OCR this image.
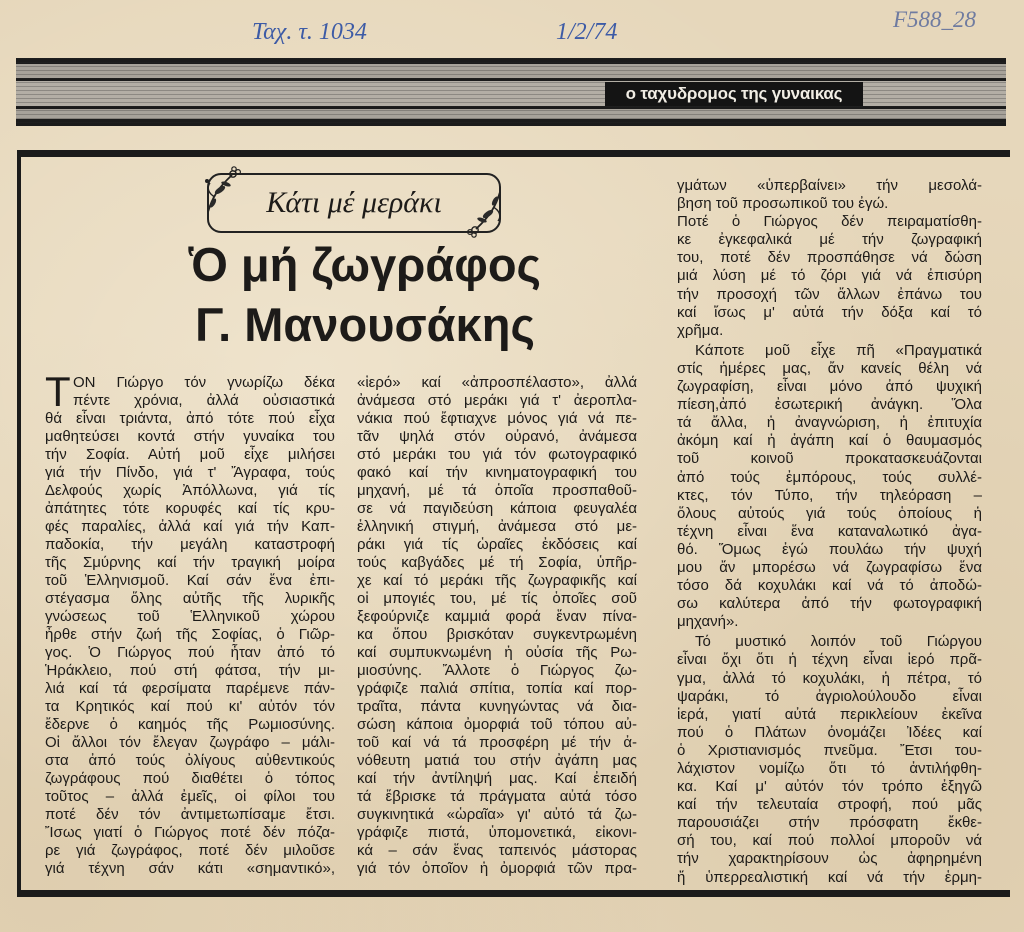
Ταχ. τ. 1034	1/2/74	F588_28
ο ταχυδρομος της γυναικας
Κάτι μέ μεράκι
Ὁ μή ζωγράφος
Γ. Μανουσάκης
Τ ΟΝ Γιώργο τόν γνωρίζω δέκα
πέντε χρόνια, ἀλλά οὐσιαστικά
θά εἶναι τριάντα, ἀπό τότε πού εἶχα
μαθητεύσει κοντά στήν γυναίκα του
τήν Σοφία. Αὐτή μοῦ εἶχε μιλήσει
γιά τήν Πίνδο, γιά τ' Ἄγραφα, τούς
Δελφούς χωρίς Ἀπόλλωνα, γιά τίς
ἀπάτητες τότε κορυφές καί τίς κρυ-
φές παραλίες, ἀλλά καί γιά τήν Καπ-
παδοκία, τήν μεγάλη καταστροφή
τῆς Σμύρνης καί τήν τραγική μοίρα
τοῦ Ἑλληνισμοῦ. Καί σάν ἕνα ἐπι-
στέγασμα ὅλης αὐτῆς τῆς λυρικῆς
γνώσεως τοῦ Ἑλληνικοῦ χώρου
ἦρθε στήν ζωή τῆς Σοφίας, ὁ Γιῶρ-
γος. Ὁ Γιώργος πού ἦταν ἀπό τό
Ἡράκλειο, πού στή φάτσα, τήν μι-
λιά καί τά φερσίματα παρέμενε πάν-
τα Κρητικός καί πού κι' αὐτόν τόν
ἔδερνε ὁ καημός τῆς Ρωμιοσύνης.
Οἱ ἄλλοι τόν ἔλεγαν ζωγράφο – μάλι-
στα ἀπό τούς ὀλίγους αὐθεντικούς
ζωγράφους πού διαθέτει ὁ τόπος
τοῦτος – ἀλλά ἐμεῖς, οἱ φίλοι του
ποτέ δέν τόν ἀντιμετωπίσαμε ἔτσι.
Ἴσως γιατί ὁ Γιώργος ποτέ δέν πόζα-
ρε γιά ζωγράφος, ποτέ δέν μιλοῦσε
γιά τέχνη σάν κάτι «σημαντικό»,
«ἱερό» καί «ἀπροσπέλαστο», ἀλλά
ἀνάμεσα στό μεράκι γιά τ' ἀεροπλα-
νάκια πού ἔφτιαχνε μόνος γιά νά πε-
τᾶν ψηλά στόν οὐρανό, ἀνάμεσα
στό μεράκι του γιά τόν φωτογραφικό
φακό καί τήν κινηματογραφική του
μηχανή, μέ τά ὁποῖα προσπαθοῦ-
σε νά παγιδεύση κάποια φευγαλέα
ἑλληνική στιγμή, ἀνάμεσα στό με-
ράκι γιά τίς ὡραῖες ἐκδόσεις καί
τούς καβγάδες μέ τή Σοφία, ὑπῆρ-
χε καί τό μεράκι τῆς ζωγραφικῆς καί
οἱ μπογιές του, μέ τίς ὁποῖες σοῦ
ξεφούρνιζε καμμιά φορά ἕναν πίνα-
κα ὅπου βρισκόταν συγκεντρωμένη
καί συμπυκνωμένη ἡ οὐσία τῆς Ρω-
μιοσύνης. Ἄλλοτε ὁ Γιώργος ζω-
γράφιζε παλιά σπίτια, τοπία καί πορ-
τραῖτα, πάντα κυνηγώντας νά δια-
σώση κάποια ὀμορφιά τοῦ τόπου αὐ-
τοῦ καί νά τά προσφέρη μέ τήν ἀ-
νόθευτη ματιά του στήν ἀγάπη μας
καί τήν ἀντίληψή μας. Καί ἐπειδή
τά ἔβρισκε τά πράγματα αὐτά τόσο
συγκινητικά «ὡραῖα» γι' αὐτό τά ζω-
γράφιζε πιστά, ὑπομονετικά, εἰκονι-
κά – σάν ἕνας ταπεινός μάστορας
γιά τόν ὁποῖον ἡ ὀμορφιά τῶν πρα-
γμάτων «ὑπερβαίνει» τήν μεσολά-
βηση τοῦ προσωπικοῦ του ἐγώ.
Ποτέ ὁ Γιώργος δέν πειραματίσθη-
κε ἐγκεφαλικά μέ τήν ζωγραφική
του, ποτέ δέν προσπάθησε νά δώση
μιά λύση μέ τό ζόρι γιά νά ἐπισύρη
τήν προσοχή τῶν ἄλλων ἐπάνω του
καί ἴσως μ' αὐτά τήν δόξα καί τό
χρῆμα.
Κάποτε μοῦ εἶχε πῆ «Πραγματικά
στίς ἡμέρες μας, ἄν κανείς θέλη νά
ζωγραφίση, εἶναι μόνο ἀπό ψυχική
πίεση,ἀπό ἐσωτερική ἀνάγκη. Ὅλα
τά ἄλλα, ἡ ἀναγνώριση, ἡ ἐπιτυχία
ἀκόμη καί ἡ ἀγάπη καί ὁ θαυμασμός
τοῦ κοινοῦ προκατασκευάζονται
ἀπό τούς ἐμπόρους, τούς συλλέ-
κτες, τόν Τύπο, τήν τηλεόραση –
ὅλους αὐτούς γιά τούς ὁποίους ἡ
τέχνη εἶναι ἕνα καταναλωτικό ἀγα-
θό. Ὅμως ἐγώ πουλάω τήν ψυχή
μου ἄν μπορέσω νά ζωγραφίσω ἕνα
τόσο δά κοχυλάκι καί νά τό ἀποδώ-
σω καλύτερα ἀπό τήν φωτογραφική
μηχανή».
Τό μυστικό λοιπόν τοῦ Γιώργου
εἶναι ὄχι ὅτι ἡ τέχνη εἶναι ἱερό πρᾶ-
γμα, ἀλλά τό κοχυλάκι, ἡ πέτρα, τό
ψαράκι, τό ἀγριολούλουδο εἶναι
ἱερά, γιατί αὐτά περικλείουν ἐκεῖνα
πού ὁ Πλάτων ὀνομάζει Ἰδέες καί
ὁ Χριστιανισμός πνεῦμα. Ἔτσι του-
λάχιστον νομίζω ὅτι τό ἀντιλήφθη-
κα. Καί μ' αὐτόν τόν τρόπο ἐξηγῶ
καί τήν τελευταία στροφή, πού μᾶς
παρουσιάζει στήν πρόσφατη ἔκθε-
σή του, καί πού πολλοί μποροῦν νά
τήν χαρακτηρίσουν ὡς ἀφηρημένη
ἤ ὑπερρεαλιστική καί νά τήν ἑρμη-
